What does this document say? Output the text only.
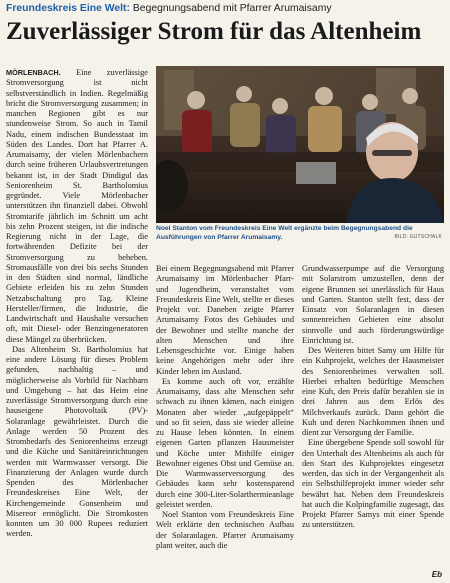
Freundeskreis Eine Welt: Begegnungsabend mit Pfarrer Arumaisamy
Zuverlässiger Strom für das Altenheim
Noel Stanton vom Freundeskreis Eine Welt ergänzte beim Begegnungsabend die Ausführungen von Pfarrer Arumaisamy.	BILD: GUTSCHALK

MÖRLENBACH. Eine zuverlässige Stromversorgung ist nicht selbstverständlich in Indien. Regelmäßig bricht die Stromversorgung zusammen; in manchen Regionen gibt es nur stundenweise Strom. So auch in Tamil Nadu, einem indischen Bundesstaat im Süden des Landes. Dort hat Pfarrer A. Arumaisamy, der vielen Mörlenbachern durch seine früheren Urlaubsvertretungen bekannt ist, in der Stadt Dindigul das Seniorenheim St. Bartholomius gegründet. Viele Mörlenbacher unterstützen ihn finanziell dabei. Obwohl Stromtarife jährlich im Schnitt um acht bis zehn Prozent steigen, ist die indische Regierung nicht in der Lage, die fortwährenden Defizite bei der Stromversorgung zu beheben. Stromausfälle von drei bis sechs Stunden in den Städten sind normal, ländliche Gebiete erleiden bis zu zehn Stunden Netzabschaltung pro Tag. Kleine Hersteller/firmen, die Industrie, die Landwirtschaft und Haushalte versuchen oft, mit Diesel- oder Benzingeneratoren diese Mängel zu überbrücken.

Das Altenheim St. Bartholomius hat eine andere Lösung für dieses Problem gefunden, nachhaltig – und möglicherweise als Vorbild für Nachbarn und Umgebung – hat das Heim eine zuverlässige Stromversorgung durch eine hauseigene Photovoltaik (PV)-Solaranlage gewährleistet. Durch die Anlage werden 50 Prozent des Strombedarfs des Seniorenheims erzeugt und die Küche und Sanitäreinrichtungen werden mit Warmwasser versorgt. Die Finanzierung der Anlagen wurde durch Spenden des Mörlenbacher Freundeskreises Eine Welt, der Kirchengemeinde Gonsenheim und Misereor ermöglicht. Die Stromkosten konnten um 30 000 Rupees reduziert werden.

Bei einem Begegnungsabend mit Pfarrer Arumaisamy im Mörlenbacher Pfarr- und Jugendheim, veranstaltet vom Freundeskreis Eine Welt, stellte er dieses Projekt vor. Daneben zeigte Pfarrer Arumaisamy Fotos des Gebäudes und der Bewohner und stellte manche der alten Menschen und ihre Lebensgeschichte vor. Einige haben keine Angehörigen mehr oder ihre Kinder leben im Ausland.

Es komme auch oft vor, erzählte Arumaisamy, dass alte Menschen sehr schwach zu ihnen kämen, nach einigen Monaten aber wieder „aufgepäppelt“ und so fit seien, dass sie wieder alleine zu Hause leben könnten. In einem eigenen Garten pflanzen Hausmeister und Köche unter Mithilfe einiger Bewohner eigenes Obst und Gemüse an. Die Warmwasserversorgung des Gebäudes kann sehr kostensparend durch eine 300-Liter-Solarthermieanlage geleistet werden.

Noel Stanton vom Freundeskreis Eine Welt erklärte den technischen Aufbau der Solaranlagen. Pfarrer Arumaisamy plant weiter, auch die

Grundwasserpumpe auf die Versorgung mit Solarstrom umzustellen, denn der eigene Brunnen sei unerlässlich für Haus und Garten. Stanton stellt fest, dass der Einsatz von Solaranlagen in diesen sonnenreichen Gebieten eine absolut sinnvolle und auch förderungswürdige Einrichtung ist.

Des Weiteren bittet Samy um Hilfe für ein Kuhprojekt, welches der Hausmeister des Seniorenheimes verwalten soll. Hierbei erhalten bedürftige Menschen eine Kuh, den Preis dafür bezahlen sie in drei Jahren aus dem Erlös des Milchverkaufs zurück. Dann gehört die Kuh und deren Nachkommen ihnen und dient zur Versorgung der Familie.

Eine übergebene Spende soll sowohl für den Unterhalt des Altenheims als auch für den Start des Kuhprojektes eingesetzt werden, das sich in der Vergangenheit als ein Selbsthilfeprojekt immer wieder sehr bewährt hat. Neben dem Freundeskreis hat auch die Kolpingfamilie zugesagt, das Projekt Pfarrer Samys mit einer Spende zu unterstützen.

Eb
